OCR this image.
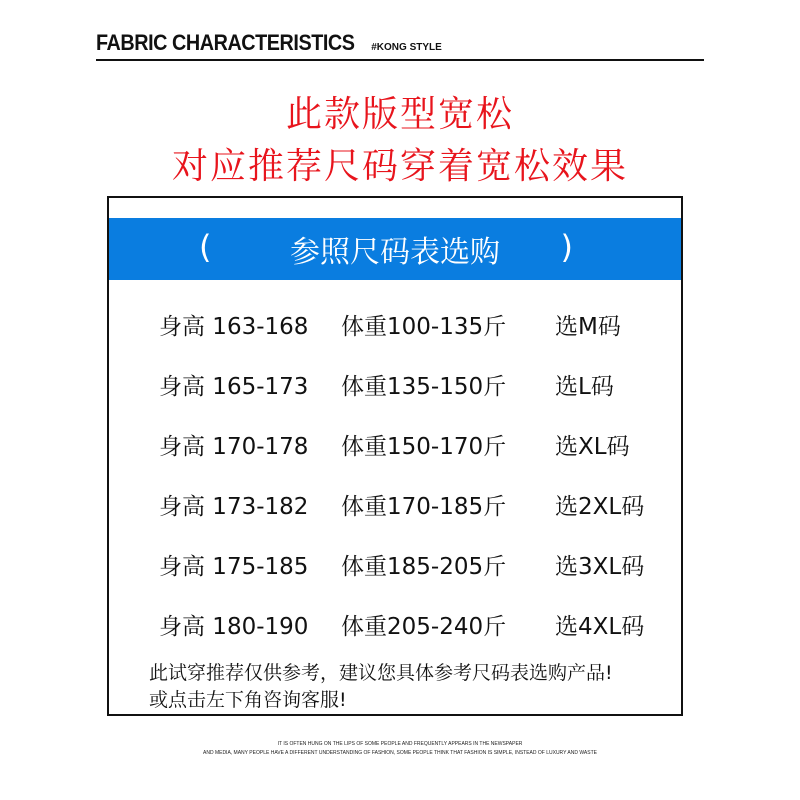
FABRIC CHARACTERISTICS #KONG STYLE
此款版型宽松
对应推荐尺码穿着宽松效果
(	参照尺码表选购 )
身高 163-168 体重100-135斤 选M码
身高 165-173 体重135-150斤 选L码
身高 170-178 体重150-170斤 选XL码
身高 173-182 体重170-185斤 选2XL码
身高 175-185 体重185-205斤 选3XL码
身高 180-190 体重205-240斤 选4XL码
此试穿推荐仅供参考，建议您具体参考尺码表选购产品!
或点击左下角咨询客服!
IT IS OFTEN HUNG ON THE LIPS OF SOME PEOPLE AND FREQUENTLY APPEARS IN THE NEWSPAPER
AND MEDIA, MANY PEOPLE HAVE A DIFFERENT UNDERSTANDING OF FASHION, SOME PEOPLE THINK THAT FASHION IS SIMPLE, INSTEAD OF LUXURY AND WASTE
